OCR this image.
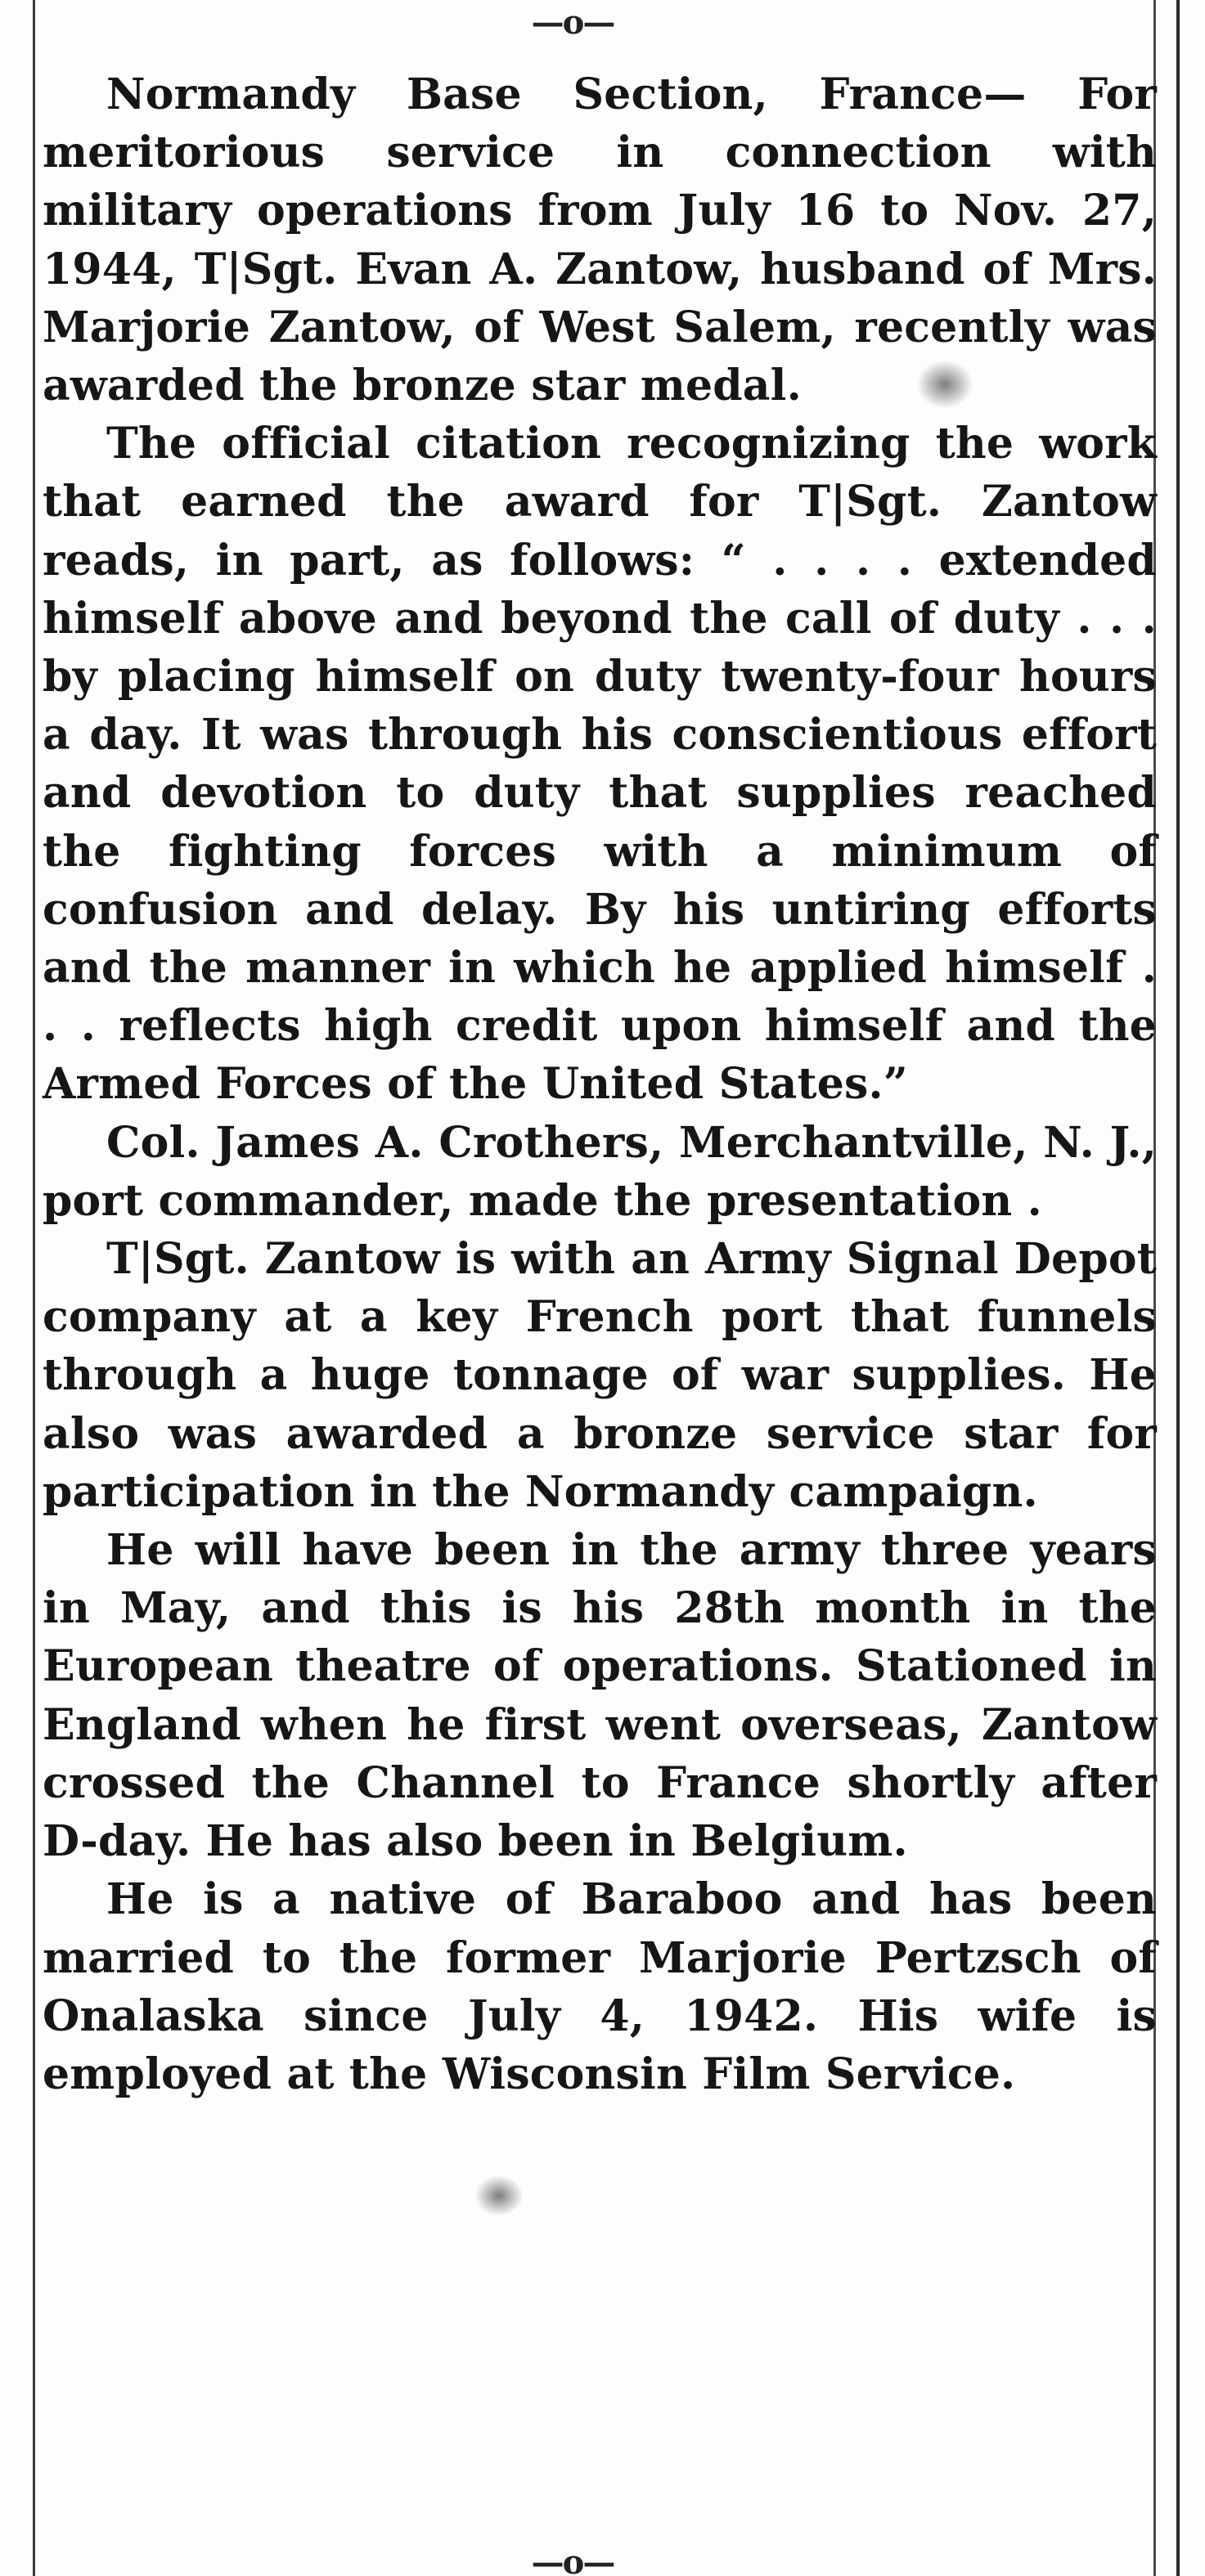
—o—

Normandy Base Section, France— For meritorious service in connection with military operations from July 16 to Nov. 27, 1944, T|Sgt. Evan A. Zantow, husband of Mrs. Marjorie Zantow, of West Salem, recently was awarded the bronze star medal.

The official citation recognizing the work that earned the award for T|Sgt. Zantow reads, in part, as follows: “ . . . . extended himself above and beyond the call of duty . . . by placing himself on duty twenty-four hours a day. It was through his conscientious effort and devotion to duty that supplies reached the fighting forces with a minimum of confusion and delay. By his untiring efforts and the manner in which he applied himself . . . reflects high credit upon himself and the Armed Forces of the United States.”

Col. James A. Crothers, Merchantville, N. J., port commander, made the presentation .

T|Sgt. Zantow is with an Army Signal Depot company at a key French port that funnels through a huge tonnage of war supplies. He also was awarded a bronze service star for participation in the Normandy campaign.

He will have been in the army three years in May, and this is his 28th month in the European theatre of operations. Stationed in England when he first went overseas, Zantow crossed the Channel to France shortly after D-day. He has also been in Belgium.

He is a native of Baraboo and has been married to the former Marjorie Pertzsch of Onalaska since July 4, 1942. His wife is employed at the Wisconsin Film Service.

—o—
